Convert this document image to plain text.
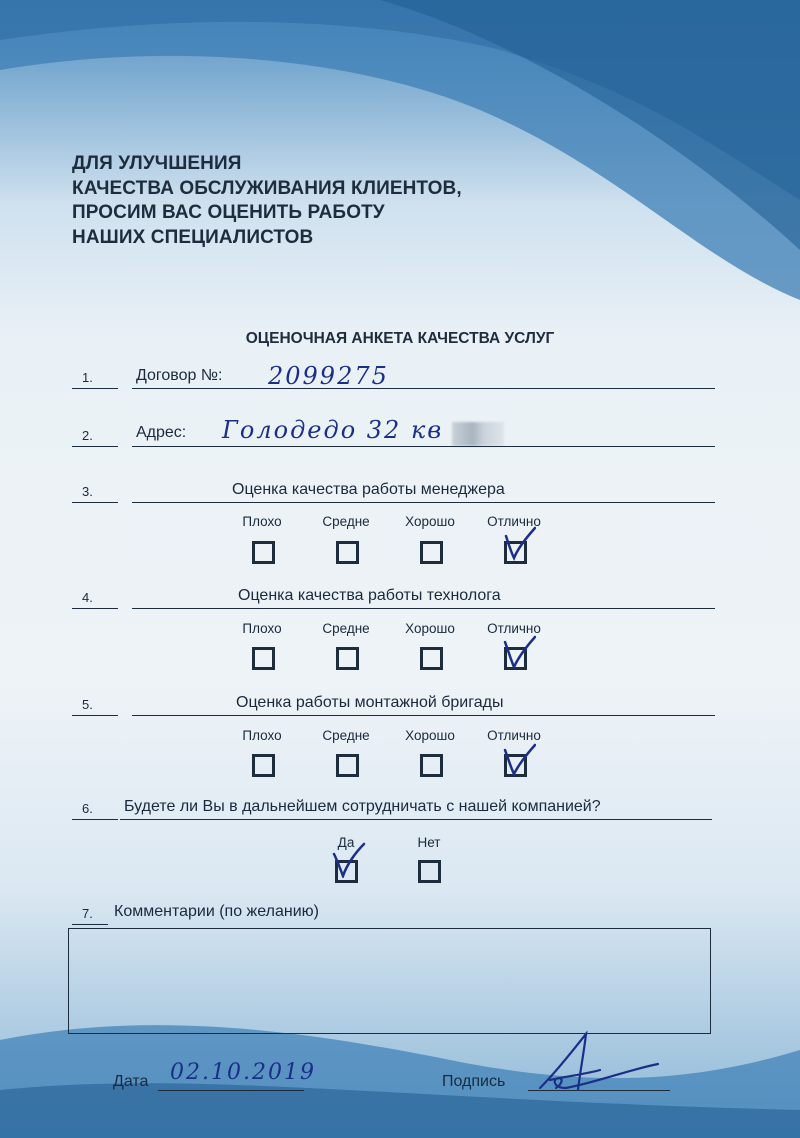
ДЛЯ УЛУЧШЕНИЯ
КАЧЕСТВА ОБСЛУЖИВАНИЯ КЛИЕНТОВ,
ПРОСИМ ВАС ОЦЕНИТЬ РАБОТУ
НАШИХ СПЕЦИАЛИСТОВ
ОЦЕНОЧНАЯ АНКЕТА КАЧЕСТВА УСЛУГ
1.	Договор №: 2099275
2.	Адрес: Голодедо 32 кв
3.	Оценка качества работы менеджера
Плохо	Средне	Хорошо	Отлично
4.	Оценка качества работы технолога
Плохо	Средне	Хорошо	Отлично
5.	Оценка работы монтажной бригады
Плохо	Средне	Хорошо	Отлично
6.	Будете ли Вы в дальнейшем сотрудничать с нашей компанией?
Да	Нет
7.	Комментарии (по желанию)
Дата 02.10.2019	Подпись
